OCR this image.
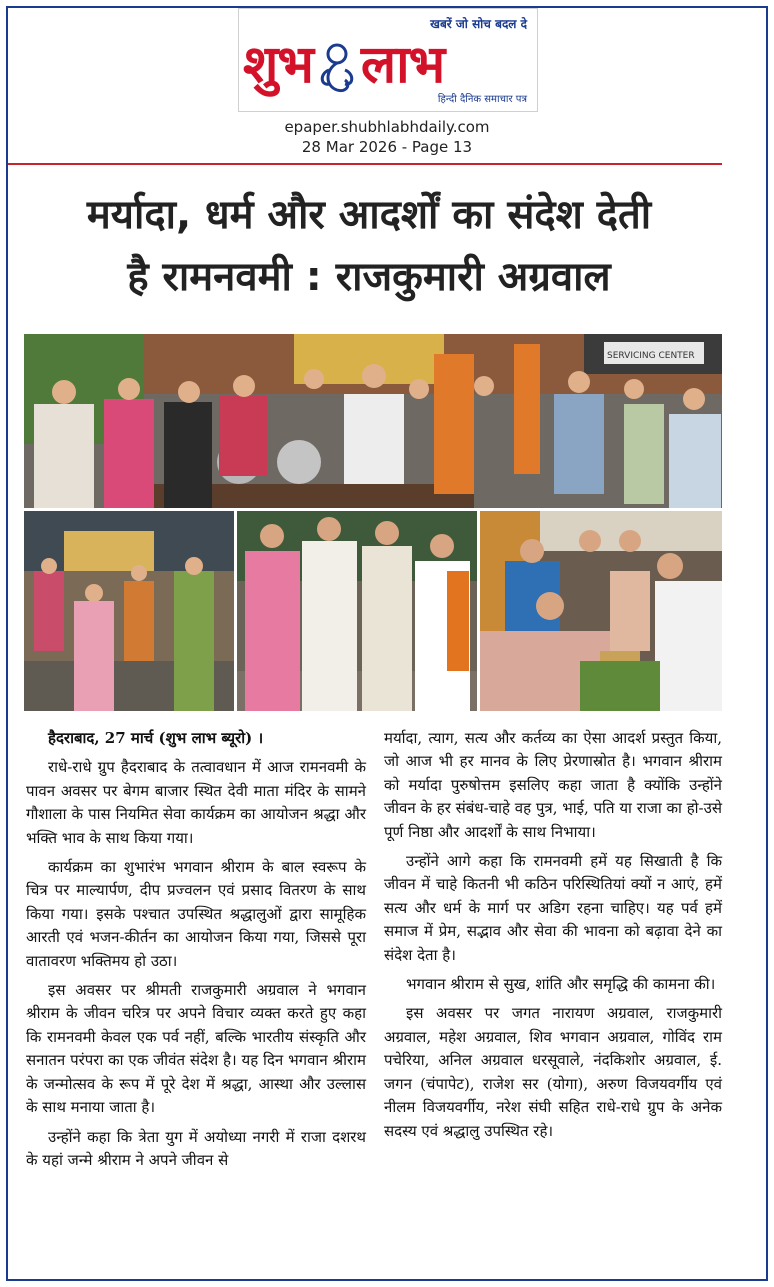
खबरें जो सोच बदल दे
शुभ लाभ
हिन्दी दैनिक समाचार पत्र
epaper.shubhlabhdaily.com
28 Mar 2026 - Page 13
मर्यादा, धर्म और आदर्शों का संदेश देती
है रामनवमी : राजकुमारी अग्रवाल
SERVICING CENTER

हैदराबाद, 27 मार्च (शुभ लाभ ब्यूरो) ।

राधे-राधे ग्रुप हैदराबाद के तत्वावधान में आज रामनवमी के पावन अवसर पर बेगम बाजार स्थित देवी माता मंदिर के सामने गौशाला के पास नियमित सेवा कार्यक्रम का आयोजन श्रद्धा और भक्ति भाव के साथ किया गया।

कार्यक्रम का शुभारंभ भगवान श्रीराम के बाल स्वरूप के चित्र पर माल्यार्पण, दीप प्रज्वलन एवं प्रसाद वितरण के साथ किया गया। इसके पश्चात उपस्थित श्रद्धालुओं द्वारा सामूहिक आरती एवं भजन-कीर्तन का आयोजन किया गया, जिससे पूरा वातावरण भक्तिमय हो उठा।

इस अवसर पर श्रीमती राजकुमारी अग्रवाल ने भगवान श्रीराम के जीवन चरित्र पर अपने विचार व्यक्त करते हुए कहा कि रामनवमी केवल एक पर्व नहीं, बल्कि भारतीय संस्कृति और सनातन परंपरा का एक जीवंत संदेश है। यह दिन भगवान श्रीराम के जन्मोत्सव के रूप में पूरे देश में श्रद्धा, आस्था और उल्लास के साथ मनाया जाता है।

उन्होंने कहा कि त्रेता युग में अयोध्या नगरी में राजा दशरथ के यहां जन्मे श्रीराम ने अपने जीवन से

मर्यादा, त्याग, सत्य और कर्तव्य का ऐसा आदर्श प्रस्तुत किया, जो आज भी हर मानव के लिए प्रेरणास्रोत है। भगवान श्रीराम को मर्यादा पुरुषोत्तम इसलिए कहा जाता है क्योंकि उन्होंने जीवन के हर संबंध-चाहे वह पुत्र, भाई, पति या राजा का हो-उसे पूर्ण निष्ठा और आदर्शों के साथ निभाया।

उन्होंने आगे कहा कि रामनवमी हमें यह सिखाती है कि जीवन में चाहे कितनी भी कठिन परिस्थितियां क्यों न आएं, हमें सत्य और धर्म के मार्ग पर अडिग रहना चाहिए। यह पर्व हमें समाज में प्रेम, सद्भाव और सेवा की भावना को बढ़ावा देने का संदेश देता है।

भगवान श्रीराम से सुख, शांति और समृद्धि की कामना की।

इस अवसर पर जगत नारायण अग्रवाल, राजकुमारी अग्रवाल, महेश अग्रवाल, शिव भगवान अग्रवाल, गोविंद राम पचेरिया, अनिल अग्रवाल धरसूवाले, नंदकिशोर अग्रवाल, ई. जगन (चंपापेट), राजेश सर (योगा), अरुण विजयवर्गीय एवं नीलम विजयवर्गीय, नरेश संघी सहित राधे-राधे ग्रुप के अनेक सदस्य एवं श्रद्धालु उपस्थित रहे।
